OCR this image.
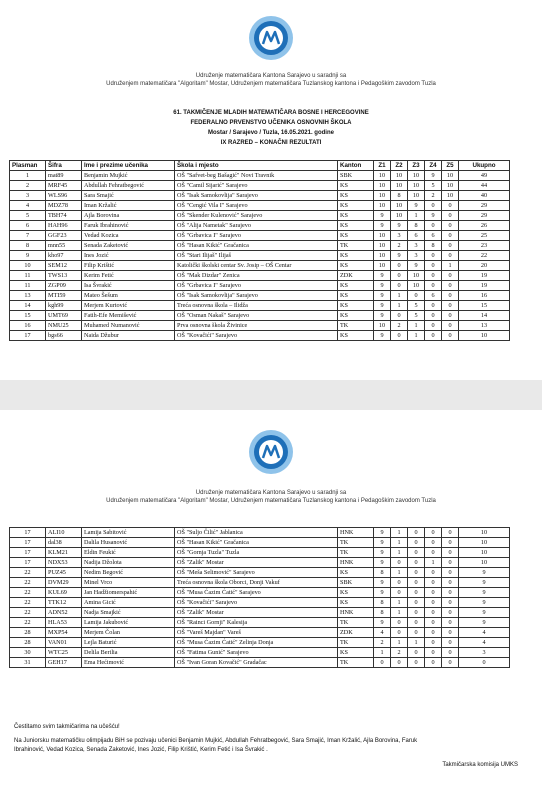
Udruženje matematičara Kantona Sarajevo u saradnji sa
Udruženjem matematičara "Algoritam" Mostar, Udruženjem matematičara Tuzlanskog kantona i Pedagoškim zavodom Tuzla
61. TAKMIČENJE MLADIH MATEMATIČARA BOSNE I HERCEGOVINE
FEDERALNO PRVENSTVO UČENIKA OSNOVNIH ŠKOLA
Mostar / Sarajevo / Tuzla, 16.05.2021. godine
IX RAZRED – KONAČNI REZULTATI
Plasman	Šifra	Ime i prezime učenika	Škola i mjesto	Kanton	Z1	Z2	Z3	Z4	Z5	Ukupno
1	mat89	Benjamin Mujkić	OŠ "Safvet-beg Bašagić" Novi Travnik	SBK	10	10	10	9	10	49
2	MRF45	Abdullah Fehratbegović	OŠ "Camil Sijarić" Sarajevo	KS	10	10	10	5	10	44
3	WLS96	Sara Smajić	OŠ "Isak Samokovlija" Sarajevo	KS	10	8	10	2	10	40
4	MDZ78	Iman Kržalić	OŠ "Cengić Vila I" Sarajevo	KS	10	10	9	0	0	29
5	TBH74	Ajla Borovina	OŠ "Skender Kulenović" Sarajevo	KS	9	10	1	9	0	29
6	HAH96	Faruk Ibrahinović	OŠ "Alija Nametak" Sarajevo	KS	9	9	8	0	0	26
7	GGF23	Vedad Kozica	OŠ "Grbavica I" Sarajevo	KS	10	3	6	6	0	25
8	mnn55	Senada Zaketović	OŠ "Hasan Kikić" Gračanica	TK	10	2	3	8	0	23
9	kho97	Ines Jozić	OŠ "Stari Ilijaš" Ilijaš	KS	10	9	3	0	0	22
10	SEM12	Filip Krištić	Katolički školski centar Sv. Josip – OŠ Centar	KS	10	0	9	0	1	20
11	TWS13	Kerim Fetić	OŠ "Mak Dizdar" Zenica	ZDK	9	0	10	0	0	19
11	ZGP09	Isa Švrakić	OŠ "Grbavica I" Sarajevo	KS	9	0	10	0	0	19
13	MTI59	Mateo Šešum	OŠ "Isak Samokovlija" Sarajevo	KS	9	1	0	6	0	16
14	kgh99	Merjem Kurtović	Treća osnovna škola – Ilidža	KS	9	1	5	0	0	15
15	UMT69	Fatih-Efe Memišević	OŠ "Osman Nakaš" Sarajevo	KS	9	0	5	0	0	14
16	NMU25	Muhamed Numanović	Prva osnovna škola Živinice	TK	10	2	1	0	0	13
17	bgs66	Naida Džubur	OŠ "Kovačići" Sarajevo	KS	9	0	1	0	0	10
Udruženje matematičara Kantona Sarajevo u saradnji sa
Udruženjem matematičara "Algoritam" Mostar, Udruženjem matematičara Tuzlanskog kantona i Pedagoškim zavodom Tuzla
17	ALI10	Lamija Sabitović	OŠ "Suljo Čilić" Jablanica	HNK	9	1	0	0	0	10
17	dal38	Dalila Husanović	OŠ "Hasan Kikić" Gračanica	TK	9	1	0	0	0	10
17	KLM21	Eldin Feukić	OŠ "Gornja Tuzla" Tuzla	TK	9	1	0	0	0	10
17	NDX53	Nadija Džolota	OŠ "Zalik" Mostar	HNK	9	0	0	1	0	10
22	PUZ45	Nedim Begović	OŠ "Meša Selimović" Sarajevo	KS	8	1	0	0	0	9
22	DVM29	Minel Vrco	Treća osnovna škola Oborci, Donji Vakuf	SBK	9	0	0	0	0	9
22	KUL69	Jan Hadžiomerspahić	OŠ "Musa Ćazim Ćatić" Sarajevo	KS	9	0	0	0	0	9
22	TTK12	Amina Gicić	OŠ "Kovačići" Sarajevo	KS	8	1	0	0	0	9
22	ADN52	Nadja Smajkić	OŠ "Zalik" Mostar	HNK	8	1	0	0	0	9
22	HLA53	Lamija Jakubović	OŠ "Rainci Gornji" Kalesija	TK	9	0	0	0	0	9
28	MXP54	Merjem Čolan	OŠ "Vareš Majdan" Vareš	ZDK	4	0	0	0	0	4
28	VAN01	Lejla Baturić	OŠ "Musa Ćazim Ćatić" Zelinja Donja	TK	2	1	1	0	0	4
30	WTC25	Delila Berilia	OŠ "Fatima Gunić" Sarajevo	KS	1	2	0	0	0	3
31	GEH17	Ema Hećimović	OŠ "Ivan Goran Kovačić" Gradačac	TK	0	0	0	0	0	0
Čestitamo svim takmičarima na učešću!
Na Juniorsku matematičku olimpijadu BiH se pozivaju učenici Benjamin Mujkić, Abdullah Fehratbegović, Sara Smajić, Iman Kržalić, Ajla Borovina, Faruk
Ibrahinović, Vedad Kozica, Senada Zaketović, Ines Jozić, Filip Krištić, Kerim Fetić i Isa Švrakić .
Takmičarska komisija UMKS
